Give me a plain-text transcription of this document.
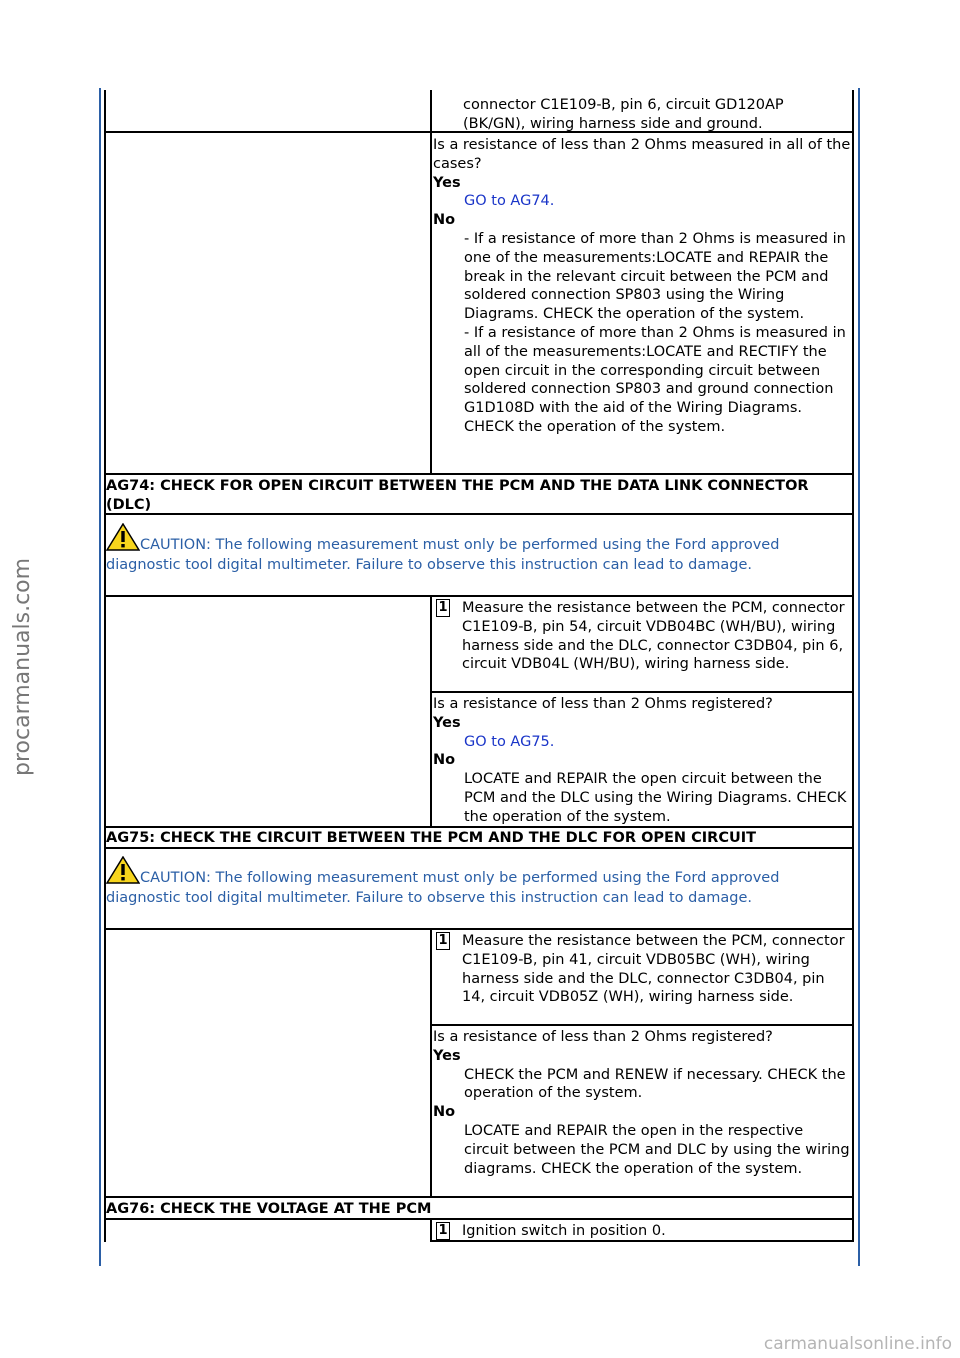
procarmanuals.com
carmanualsonline.info
connector C1E109-B, pin 6, circuit GD120AP
(BK/GN), wiring harness side and ground.
Is a resistance of less than 2 Ohms measured in all of the cases?
Yes
GO to AG74.
No
- If a resistance of more than 2 Ohms is measured in one of the measurements:LOCATE and REPAIR the break in the relevant circuit between the PCM and soldered connection SP803 using the Wiring Diagrams. CHECK the operation of the system.
- If a resistance of more than 2 Ohms is measured in all of the measurements:LOCATE and RECTIFY the open circuit in the corresponding circuit between soldered connection SP803 and ground connection G1D108D with the aid of the Wiring Diagrams. CHECK the operation of the system.
AG74: CHECK FOR OPEN CIRCUIT BETWEEN THE PCM AND THE DATA LINK CONNECTOR (DLC)
CAUTION: The following measurement must only be performed using the Ford approved diagnostic tool digital multimeter. Failure to observe this instruction can lead to damage.
1 Measure the resistance between the PCM, connector C1E109-B, pin 54, circuit VDB04BC (WH/BU), wiring harness side and the DLC, connector C3DB04, pin 6, circuit VDB04L (WH/BU), wiring harness side.
Is a resistance of less than 2 Ohms registered?
Yes
GO to AG75.
No
LOCATE and REPAIR the open circuit between the PCM and the DLC using the Wiring Diagrams. CHECK the operation of the system.
AG75: CHECK THE CIRCUIT BETWEEN THE PCM AND THE DLC FOR OPEN CIRCUIT
CAUTION: The following measurement must only be performed using the Ford approved diagnostic tool digital multimeter. Failure to observe this instruction can lead to damage.
1 Measure the resistance between the PCM, connector C1E109-B, pin 41, circuit VDB05BC (WH), wiring harness side and the DLC, connector C3DB04, pin 14, circuit VDB05Z (WH), wiring harness side.
Is a resistance of less than 2 Ohms registered?
Yes
CHECK the PCM and RENEW if necessary. CHECK the operation of the system.
No
LOCATE and REPAIR the open in the respective circuit between the PCM and DLC by using the wiring diagrams. CHECK the operation of the system.
AG76: CHECK THE VOLTAGE AT THE PCM
1 Ignition switch in position 0.
